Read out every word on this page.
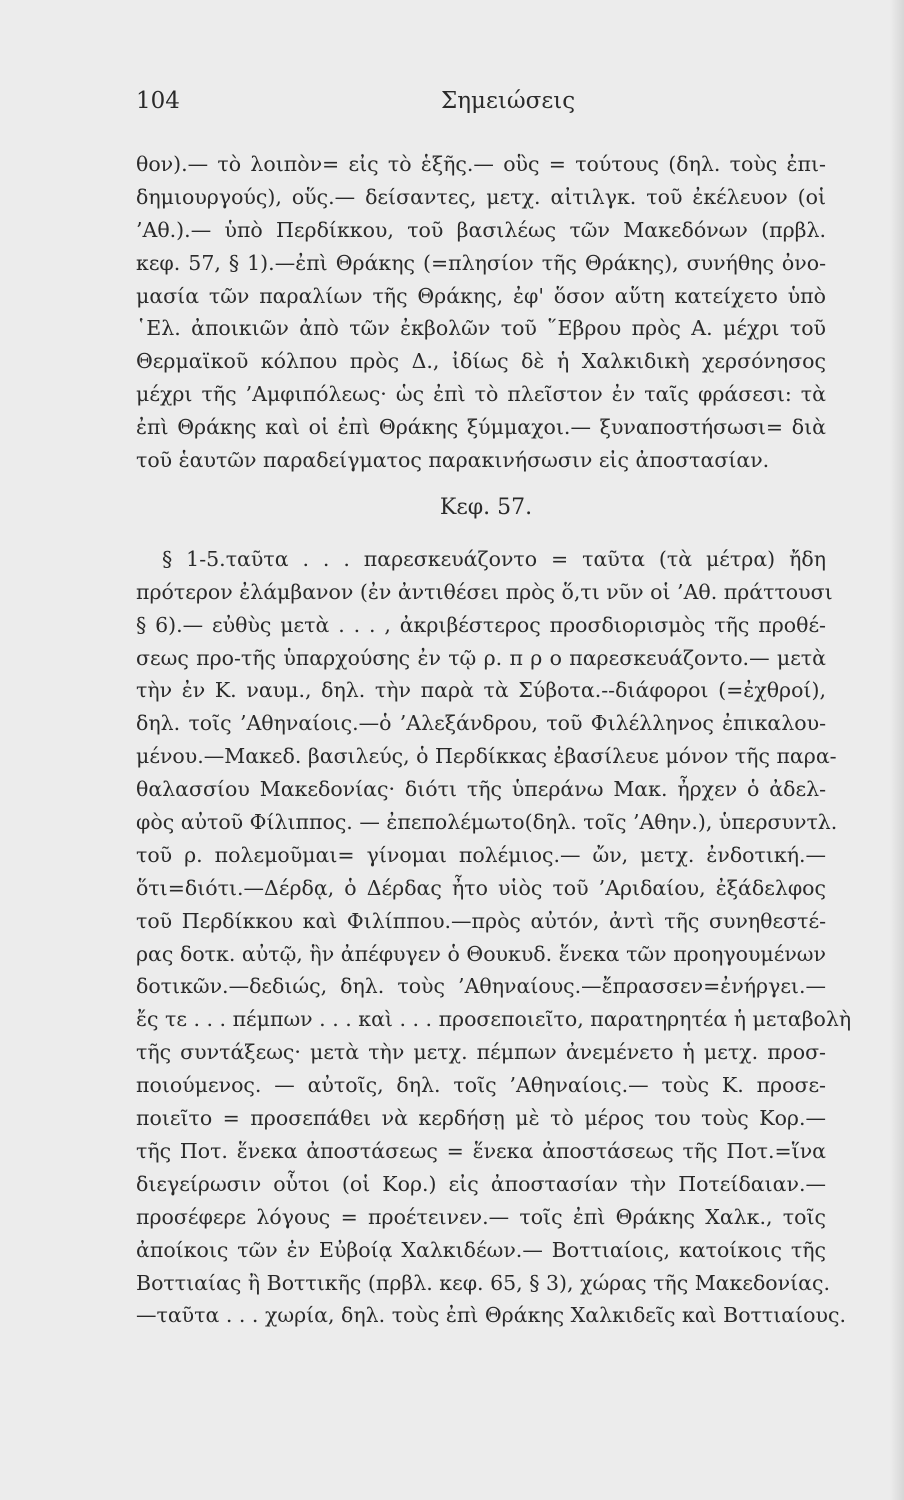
104	Σημειώσεις
θον).— τὸ λοιπὸν= εἰς τὸ ἑξῆς.— οὓς = τούτους (δηλ. τοὺς ἐπι-
δημιουργούς), οὕς.— δείσαντες, μετχ. αἰτιλγκ. τοῦ ἐκέλευον (οἱ
’Αθ.).— ὑπὸ Περδίκκου, τοῦ βασιλέως τῶν Μακεδόνων (πρβλ.
κεφ. 57, § 1).—ἐπὶ Θράκης (=πλησίον τῆς Θράκης), συνήθης ὀνο-
μασία τῶν παραλίων τῆς Θράκης, ἐφ' ὅσον αὕτη κατείχετο ὑπὸ
῾Ελ. ἀποικιῶν ἀπὸ τῶν ἐκβολῶν τοῦ ῞Εβρου πρὸς Α. μέχρι τοῦ
Θερμαϊκοῦ κόλπου πρὸς Δ., ἰδίως δὲ ἡ Χαλκιδικὴ χερσόνησος
μέχρι τῆς ’Αμφιπόλεως· ὡς ἐπὶ τὸ πλεῖστον ἐν ταῖς φράσεσι: τὰ
ἐπὶ Θράκης καὶ οἱ ἐπὶ Θράκης ξύμμαχοι.— ξυναποστήσωσι= διὰ
τοῦ ἑαυτῶν παραδείγματος παρακινήσωσιν εἰς ἀποστασίαν.
Κεφ. 57.
§ 1-5.ταῦτα . . . παρεσκευάζοντο = ταῦτα (τὰ μέτρα) ἤδη
πρότερον ἐλάμβανον (ἐν ἀντιθέσει πρὸς ὅ,τι νῦν οἱ ’Αθ. πράττουσι
§ 6).— εὐθὺς μετὰ . . . , ἀκριβέστερος προσδιορισμὸς τῆς προθέ-
σεως προ-τῆς ὑπαρχούσης ἐν τῷ ρ. π ρ ο παρεσκευάζοντο.— μετὰ
τὴν ἐν Κ. ναυμ., δηλ. τὴν παρὰ τὰ Σύβοτα.--διάφοροι (=ἐχθροί),
δηλ. τοῖς ’Αθηναίοις.—ὁ ’Αλεξάνδρου, τοῦ Φιλέλληνος ἐπικαλου-
μένου.—Μακεδ. βασιλεύς, ὁ Περδίκκας ἐβασίλευε μόνον τῆς παρα-
θαλασσίου Μακεδονίας· διότι τῆς ὑπεράνω Μακ. ἦρχεν ὁ ἀδελ-
φὸς αὐτοῦ Φίλιππος. — ἐπεπολέμωτο(δηλ. τοῖς ’Αθην.), ὑπερσυντλ.
τοῦ ρ. πολεμοῦμαι= γίνομαι πολέμιος.— ὤν, μετχ. ἐνδοτική.—
ὅτι=διότι.—Δέρδᾳ, ὁ Δέρδας ἦτο υἱὸς τοῦ ’Αριδαίου, ἐξάδελφος
τοῦ Περδίκκου καὶ Φιλίππου.—πρὸς αὐτόν, ἀντὶ τῆς συνηθεστέ-
ρας δοτκ. αὐτῷ, ἣν ἀπέφυγεν ὁ Θουκυδ. ἕνεκα τῶν προηγουμένων
δοτικῶν.—δεδιώς, δηλ. τοὺς ’Αθηναίους.—ἔπρασσεν=ἐνήργει.—
ἔς τε . . . πέμπων . . . καὶ . . . προσεποιεῖτο, παρατηρητέα ἡ μεταβολὴ
τῆς συντάξεως· μετὰ τὴν μετχ. πέμπων ἀνεμένετο ἡ μετχ. προσ-
ποιούμενος. — αὐτοῖς, δηλ. τοῖς ’Αθηναίοις.— τοὺς Κ. προσε-
ποιεῖτο = προσεπάθει νὰ κερδήσῃ μὲ τὸ μέρος του τοὺς Κορ.—
τῆς Ποτ. ἕνεκα ἀποστάσεως = ἕνεκα ἀποστάσεως τῆς Ποτ.=ἵνα
διεγείρωσιν οὗτοι (οἱ Κορ.) εἰς ἀποστασίαν τὴν Ποτείδαιαν.—
προσέφερε λόγους = προέτεινεν.— τοῖς ἐπὶ Θράκης Χαλκ., τοῖς
ἀποίκοις τῶν ἐν Εὐβοίᾳ Χαλκιδέων.— Βοττιαίοις, κατοίκοις τῆς
Βοττιαίας ἢ Βοττικῆς (πρβλ. κεφ. 65, § 3), χώρας τῆς Μακεδονίας.
—ταῦτα . . . χωρία, δηλ. τοὺς ἐπὶ Θράκης Χαλκιδεῖς καὶ Βοττιαίους.
